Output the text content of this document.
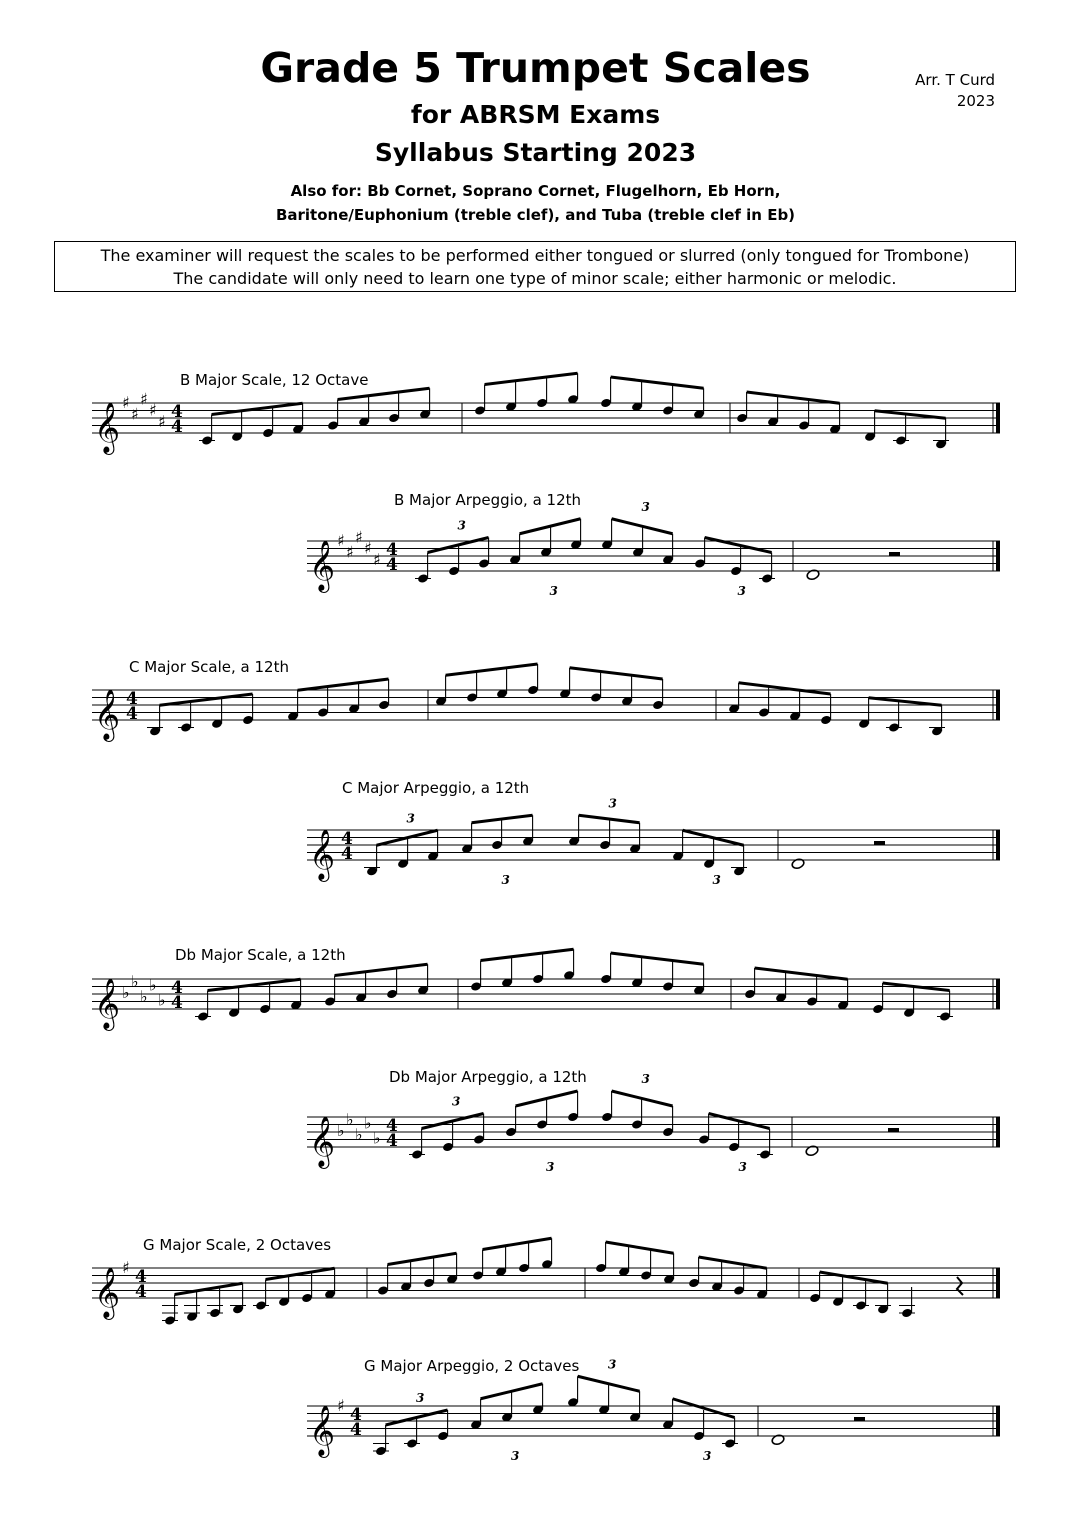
Grade 5 Trumpet Scales
for ABRSM Exams
Syllabus Starting 2023
Also for: Bb Cornet, Soprano Cornet, Flugelhorn, Eb Horn,
Baritone/Euphonium (treble clef), and Tuba (treble clef in Eb)
Arr. T Curd
2023
The examiner will request the scales to be performed either tongued or slurred (only tongued for Trombone)
The candidate will only need to learn one type of minor scale; either harmonic or melodic.
B Major Scale, 12 Octave
B Major Arpeggio, a 12th
C Major Scale, a 12th
C Major Arpeggio, a 12th
Db Major Scale, a 12th
Db Major Arpeggio, a 12th
G Major Scale, 2 Octaves
G Major Arpeggio, 2 Octaves
𝄞 ♯
♯
♯
♯
♯ 4
4
𝄞 ♯
♯
♯
♯
♯ 4
4
3
3
3
3
𝄞 4
4
𝄞 4
4
3
3
3
3
𝄞 ♭
♭
♭
♭
♭
4
4
𝄞 ♭
♭
♭
♭
♭
4
4
3
3
3
3
𝄞 ♯ 4
4
𝄞 ♯ 4
4
3
3
3
3
